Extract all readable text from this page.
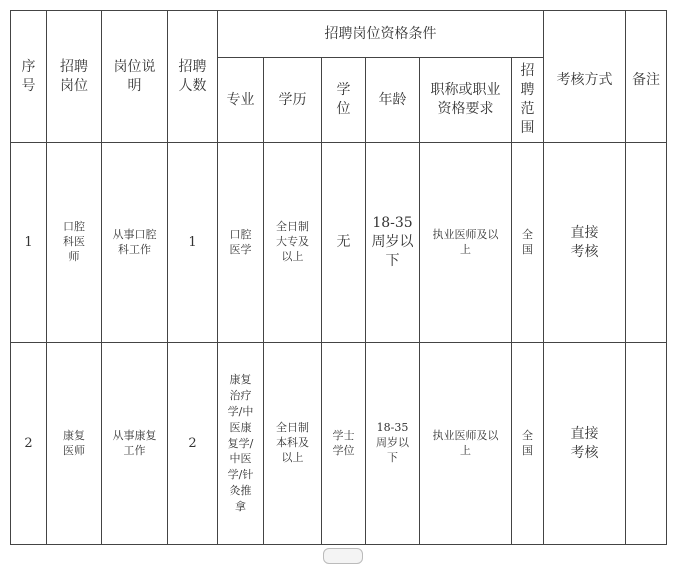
序号	招聘岗位	岗位说明	招聘人数	招聘岗位资格条件						考核方式	备注
				专业	学历	学位	年龄	职称或职业资格要求	招聘范围		
1	口腔科医师	从事口腔科工作	1	口腔医学	全日制大专及以上	无	18-35周岁以下	执业医师及以上	全国	直接考核	
2	康复医师	从事康复工作	2	康复治疗学/中医康复学/中医学/针灸推拿	全日制本科及以上	学士学位	18-35周岁以下	执业医师及以上	全国	直接考核	
